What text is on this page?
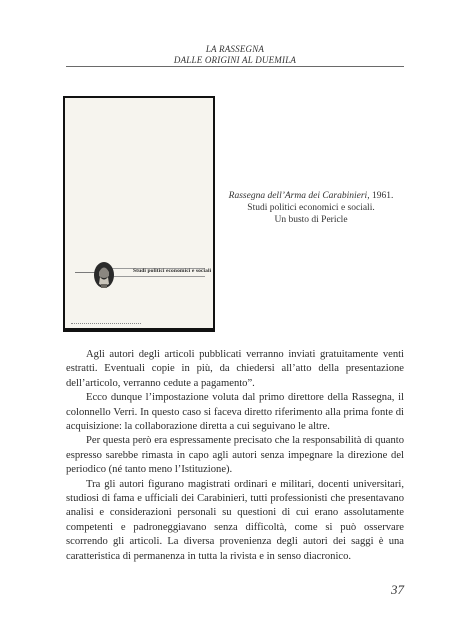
LA RASSEGNA
DALLE ORIGINI AL DUEMILA
Studi politici economici e sociali
Rassegna dell’Arma dei Carabinieri, 1961.
Studi politici economici e sociali.
Un busto di Pericle

Agli autori degli articoli pubblicati verranno inviati gratuitamente venti estratti. Eventuali copie in più, da chiedersi all’atto della presentazione dell’articolo, verranno cedute a pagamento”.

Ecco dunque l’impostazione voluta dal primo direttore della Rassegna, il colonnello Verri. In questo caso si faceva diretto riferimento alla prima fonte di acquisizione: la collaborazione diretta a cui seguivano le altre.

Per questa però era espressamente precisato che la responsabilità di quanto espresso sarebbe rimasta in capo agli autori senza impegnare la direzione del periodico (né tanto meno l’Istituzione).

Tra gli autori figurano magistrati ordinari e militari, docenti universitari, studiosi di fama e ufficiali dei Carabinieri, tutti professionisti che presentavano analisi e considerazioni personali su questioni di cui erano assolutamente competenti e padroneggiavano senza difficoltà, come si può osservare scorrendo gli articoli. La diversa provenienza degli autori dei saggi è una caratteristica di permanenza in tutta la rivista e in senso diacronico.

37
